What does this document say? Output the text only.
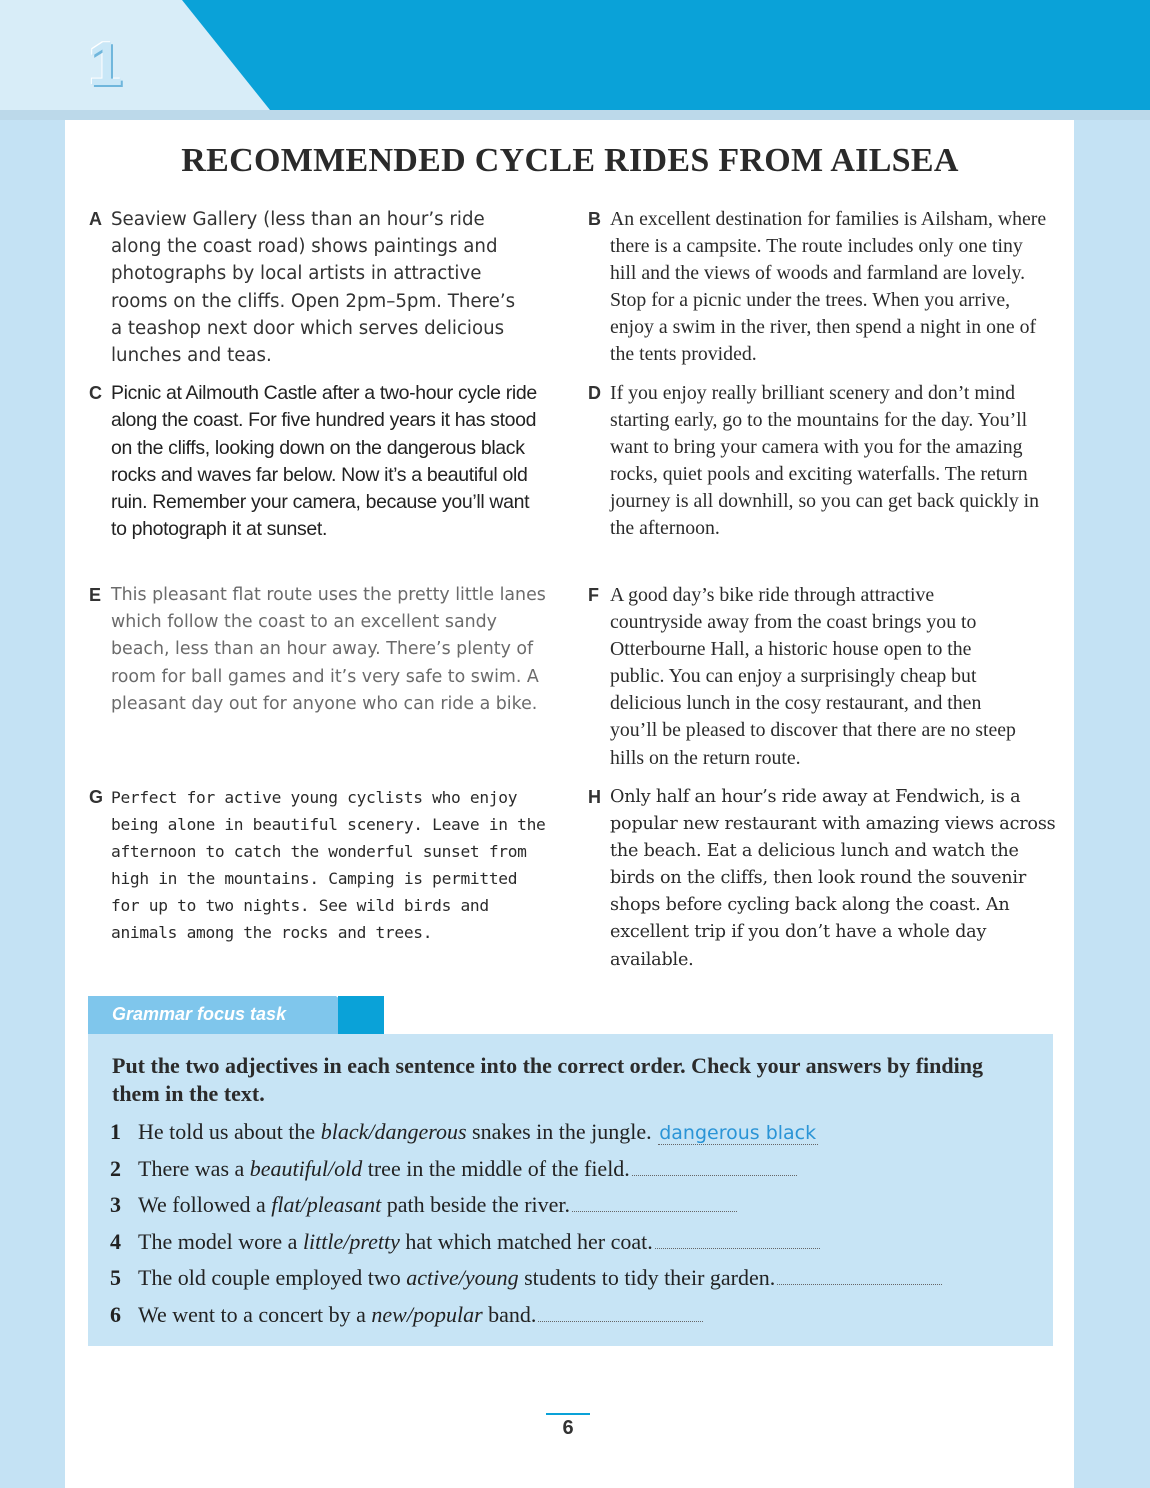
1
RECOMMENDED CYCLE RIDES FROM AILSEA
A Seaview Gallery (less than an hour’s ride along the coast road) shows paintings and photographs by local artists in attractive rooms on the cliffs. Open 2pm–5pm. There’s a teashop next door which serves delicious lunches and teas.
B An excellent destination for families is Ailsham, where there is a campsite. The route includes only one tiny hill and the views of woods and farmland are lovely. Stop for a picnic under the trees. When you arrive, enjoy a swim in the river, then spend a night in one of the tents provided.
C Picnic at Ailmouth Castle after a two-hour cycle ride along the coast. For five hundred years it has stood on the cliffs, looking down on the dangerous black rocks and waves far below. Now it’s a beautiful old ruin. Remember your camera, because you’ll want to photograph it at sunset.
D If you enjoy really brilliant scenery and don’t mind starting early, go to the mountains for the day. You’ll want to bring your camera with you for the amazing rocks, quiet pools and exciting waterfalls. The return journey is all downhill, so you can get back quickly in the afternoon.
E This pleasant flat route uses the pretty little lanes which follow the coast to an excellent sandy beach, less than an hour away. There’s plenty of room for ball games and it’s very safe to swim. A pleasant day out for anyone who can ride a bike.
F A good day’s bike ride through attractive countryside away from the coast brings you to Otterbourne Hall, a historic house open to the public. You can enjoy a surprisingly cheap but delicious lunch in the cosy restaurant, and then you’ll be pleased to discover that there are no steep hills on the return route.
G Perfect for active young cyclists who enjoy being alone in beautiful scenery. Leave in the afternoon to catch the wonderful sunset from high in the mountains. Camping is permitted for up to two nights. See wild birds and animals among the rocks and trees.
H Only half an hour’s ride away at Fendwich, is a popular new restaurant with amazing views across the beach. Eat a delicious lunch and watch the birds on the cliffs, then look round the souvenir shops before cycling back along the coast. An excellent trip if you don’t have a whole day available.
Grammar focus task
Put the two adjectives in each sentence into the correct order. Check your answers by finding them in the text.
1 He told us about the black/dangerous snakes in the jungle. dangerous black
2 There was a beautiful/old tree in the middle of the field.
3 We followed a flat/pleasant path beside the river.
4 The model wore a little/pretty hat which matched her coat.
5 The old couple employed two active/young students to tidy their garden.
6 We went to a concert by a new/popular band.
6
